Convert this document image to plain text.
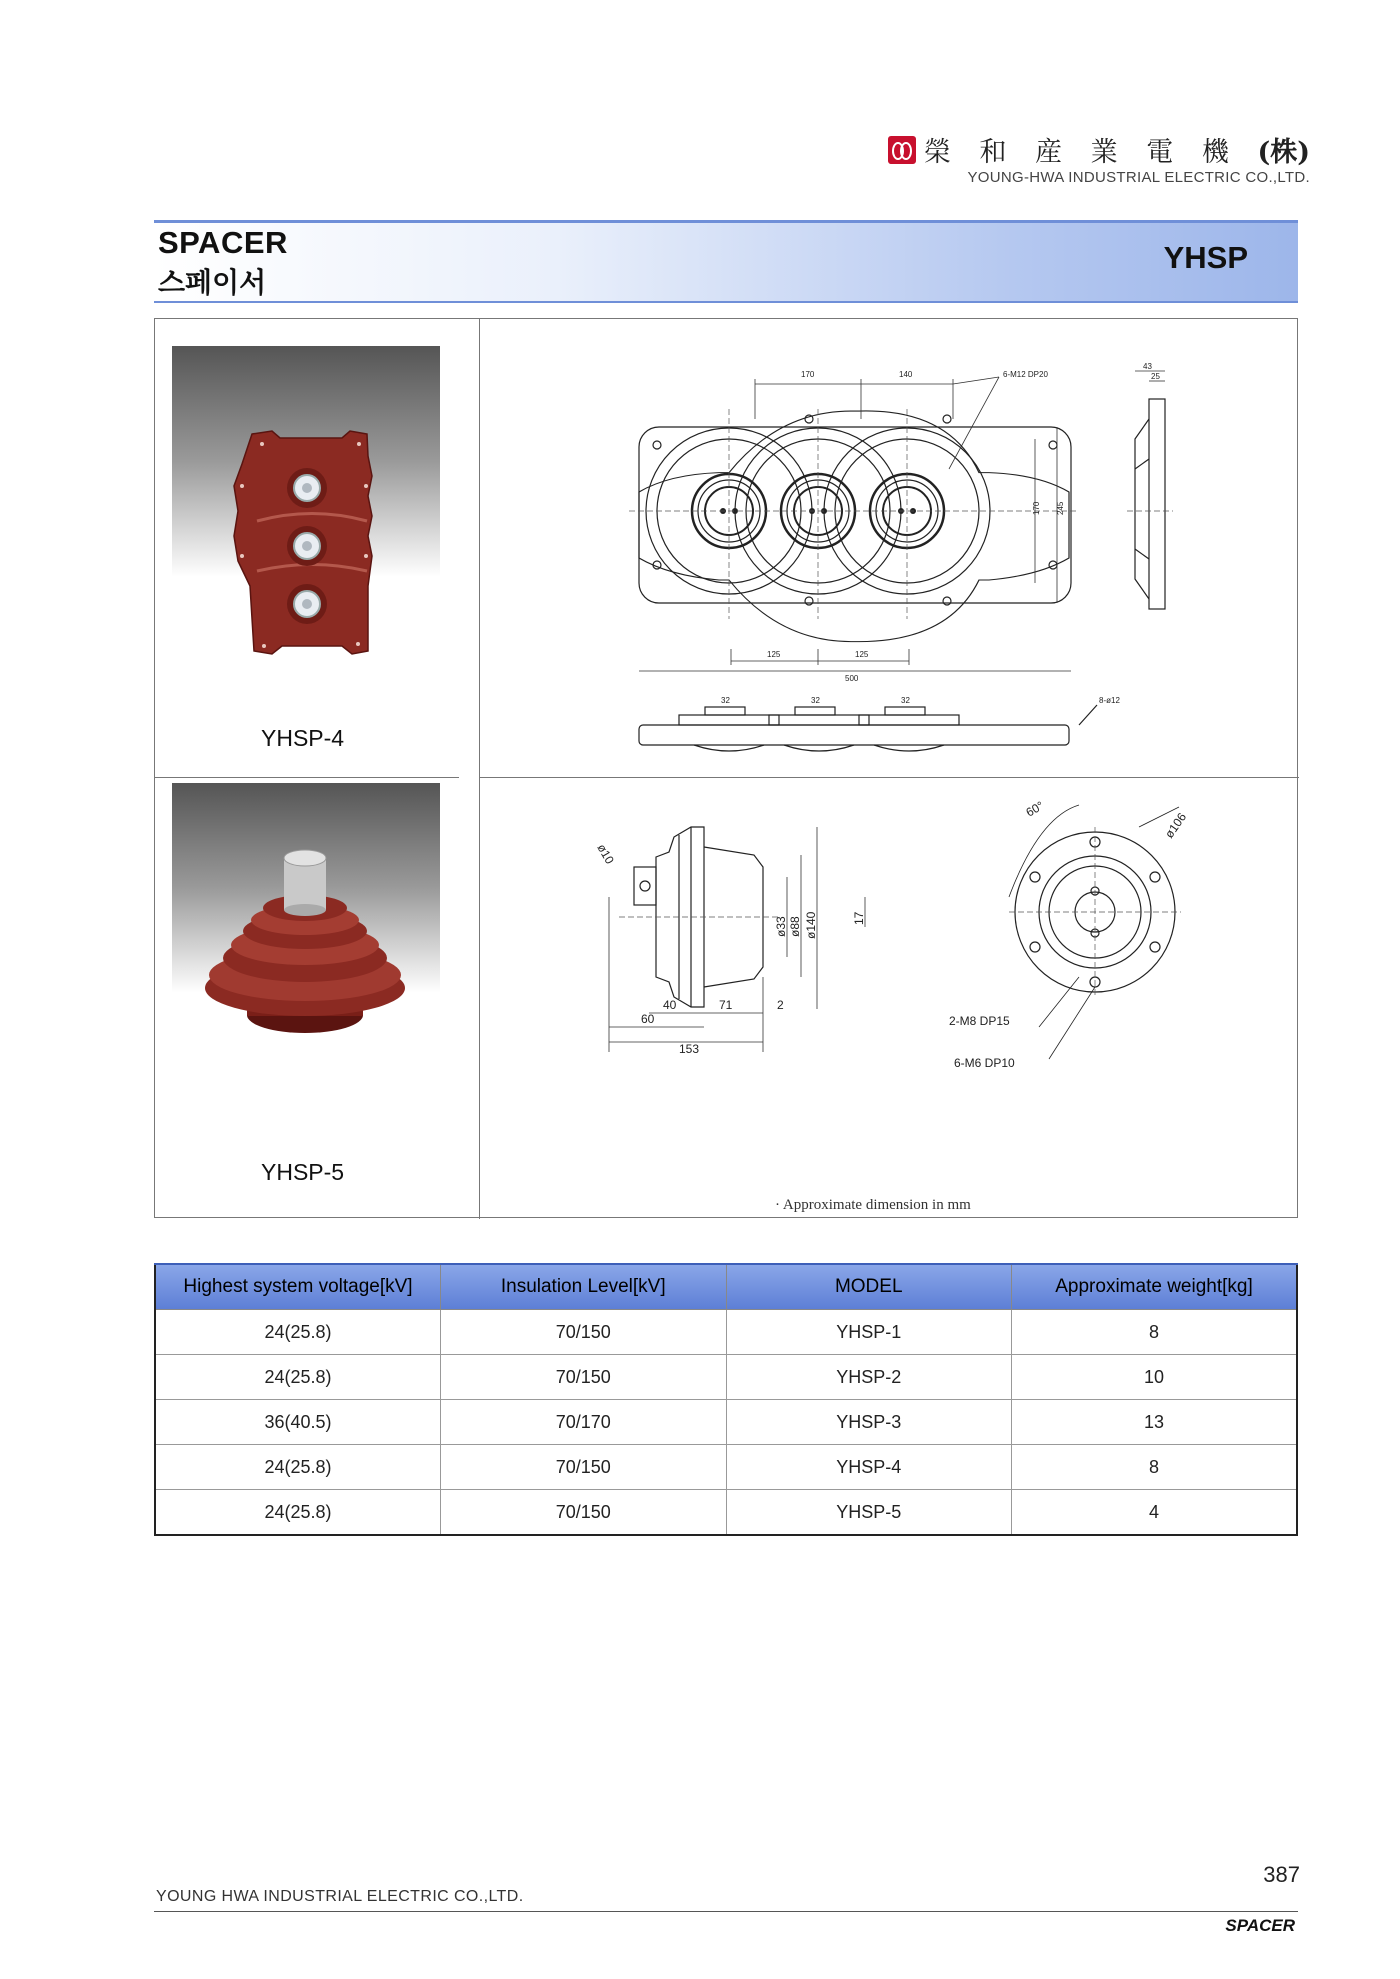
榮 和 産 業 電 機 (株)
YOUNG-HWA INDUSTRIAL ELECTRIC CO.,LTD.
SPACER
스페이서
YHSP
YHSP-4
YHSP-5
170	140	6-M12 DP20
43
25
170 245
125	125
500
32	32	32	8-ø12
ø10
ø33 ø88 ø140
40	71	2
60
153
60°
ø106
17
2-M8 DP15
6-M6 DP10
· Approximate dimension in mm
Highest system voltage[kV]	Insulation Level[kV]	MODEL	Approximate weight[kg]
24(25.8)	70/150	YHSP-1	8
24(25.8)	70/150	YHSP-2	10
36(40.5)	70/170	YHSP-3	13
24(25.8)	70/150	YHSP-4	8
24(25.8)	70/150	YHSP-5	4
387
YOUNG HWA INDUSTRIAL ELECTRIC CO.,LTD.
SPACER
